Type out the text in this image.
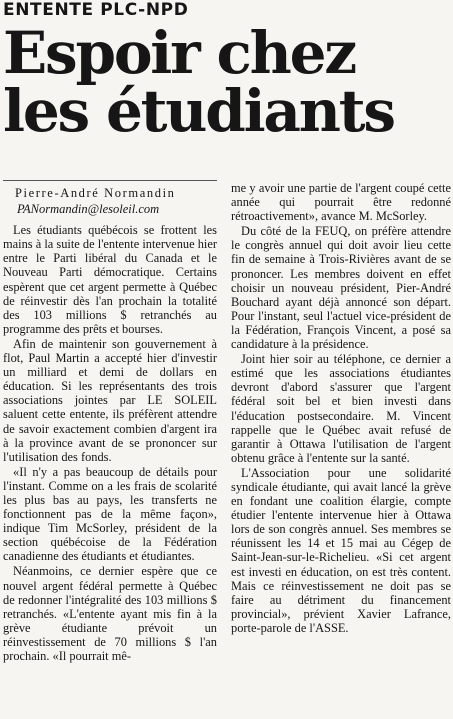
ENTENTE PLC-NPD
Espoir chez
les étudiants
Pierre-André Normandin
PANormandin@lesoleil.com

Les étudiants québécois se frottent les mains à la suite de l'entente intervenue hier entre le Parti libéral du Canada et le Nouveau Parti démocratique. Certains espèrent que cet argent permette à Québec de réinvestir dès l'an prochain la totalité des 103 millions $ retranchés au programme des prêts et bourses.

Afin de maintenir son gouvernement à flot, Paul Martin a accepté hier d'investir un milliard et demi de dollars en éducation. Si les représentants des trois associations jointes par LE SOLEIL saluent cette entente, ils préfèrent attendre de savoir exactement combien d'argent ira à la province avant de se prononcer sur l'utilisation des fonds.

«Il n'y a pas beaucoup de détails pour l'instant. Comme on a les frais de scolarité les plus bas au pays, les transferts ne fonctionnent pas de la même façon», indique Tim McSorley, président de la section québécoise de la Fédération canadienne des étudiants et étudiantes.

Néanmoins, ce dernier espère que ce nouvel argent fédéral permette à Québec de redonner l'intégralité des 103 millions $ retranchés. «L'entente ayant mis fin à la grève étudiante prévoit un réinvestissement de 70 millions $ l'an prochain. «Il pourrait mê-

me y avoir une partie de l'argent coupé cette année qui pourrait être redonné rétroactivement», avance M. McSorley.

Du côté de la FEUQ, on préfère attendre le congrès annuel qui doit avoir lieu cette fin de semaine à Trois-Rivières avant de se prononcer. Les membres doivent en effet choisir un nouveau président, Pier-André Bouchard ayant déjà annoncé son départ. Pour l'instant, seul l'actuel vice-président de la Fédération, François Vincent, a posé sa candidature à la présidence.

Joint hier soir au téléphone, ce dernier a estimé que les associations étudiantes devront d'abord s'assurer que l'argent fédéral soit bel et bien investi dans l'éducation postsecondaire. M. Vincent rappelle que le Québec avait refusé de garantir à Ottawa l'utilisation de l'argent obtenu grâce à l'entente sur la santé.

L'Association pour une solidarité syndicale étudiante, qui avait lancé la grève en fondant une coalition élargie, compte étudier l'entente intervenue hier à Ottawa lors de son congrès annuel. Ses membres se réunissent les 14 et 15 mai au Cégep de Saint-Jean-sur-le-Richelieu. «Si cet argent est investi en éducation, on est très content. Mais ce réinvestissement ne doit pas se faire au détriment du financement provincial», prévient Xavier Lafrance, porte-parole de l'ASSE.
